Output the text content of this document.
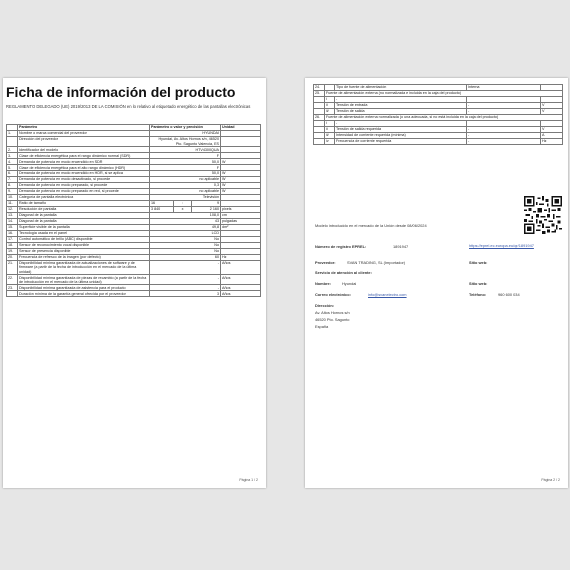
Ficha de información del producto
REGLAMENTO DELEGADO (UE) 2019/2013 DE LA COMISIÓN en lo relativo al etiquetado energético de las pantallas electrónicas
	Parámetro	Parámetro o valor y precisión			Unidad
1.	Nombre o marca comercial del proveedor	HYUNDAI			
	Dirección del proveedor	Hyundai, Av. Altos Hornos s/n, 46520 Pto. Sagunto Valencia, ES			
2.	Identificador del modelo	HTV4300QUA			
3.	Clase de eficiencia energética para el rango dinámico normal (SDR)	F			
4.	Demanda de potencia en modo encendido en SDR	50,0			W
5.	Clase de eficiencia energética para el alto rango dinámico (HDR)	F			
6.	Demanda de potencia en modo encendido en HDR, si se aplica	50,0			W
7.	Demanda de potencia en modo desactivado, si procede	no aplicable			W
8.	Demanda de potencia en modo preparado, si procede	0,3			W
9.	Demanda de potencia en modo preparado en red, si procede	no aplicable			W
10.	Categoría de pantalla electrónica	Televisión			
11.	Ratio de tamaño	16	:	9	
12.	Resolución de pantalla	3 840	x	2 160	pixels
13.	Diagonal de la pantalla	108,0			cm
14.	Diagonal de la pantalla	43			pulgadas
15.	Superficie visible de la pantalla	49,8			dm²
16.	Tecnología usada en el panel	LCD			
17.	Control automático de brillo (ABC) disponible	No			
18.	Sensor de reconocimiento vocal disponible	No			
19.	Sensor de presencia disponible	No			
20.	Frecuencia de refresco de la imagen (por defecto)	60			Hz
21.	Disponibilidad mínima garantizada de actualizaciones de software y de firmware (a partir de la fecha de introducción en el mercado de la última unidad)	-			Años
22.	Disponibilidad mínima garantizada de piezas de recambio (a partir de la fecha de introducción en el mercado de la última unidad)	-			Años
23.	Disponibilidad mínima garantizada de asistencia para el producto	-			Años
	Duración mínima de la garantía general ofrecida por el proveedor	3			Años
Página 1 / 2
24.		Tipo de fuente de alimentación	Interna	
25.	Fuente de alimentación externa (no normalizada e incluida en la caja del producto)			
	i	-		
	ii	Tensión de entrada	-	V
	iii	Tensión de salida	-	V
26.	Fuente de alimentación externa normalizada (o una adecuada, si no está incluida en la caja del producto)			
	i	-		
	ii	Tensión de salida requerida	-	V
	iii	Intensidad de corriente requerida (mínima)	-	A
	iv	Frecuencia de corriente requerida	-	Hz
Modelo introducido en el mercado de la Unión desde 08/06/2024
Número de registro EPREL:	1891947	https://eprel.ec.europa.eu/qr/1891947
Proveedor:	SVAN TRADING, SL (Importador)	Sitio web:
Servicio de atención al cliente:
Nombre:	Hyundai	Sitio web:
Correo electrónico:	info@svanelectro.com	Teléfono:	960 600 034
Dirección:
Av. Altos Hornos s/n
46520 Pto. Sagunto
España
Página 2 / 2
